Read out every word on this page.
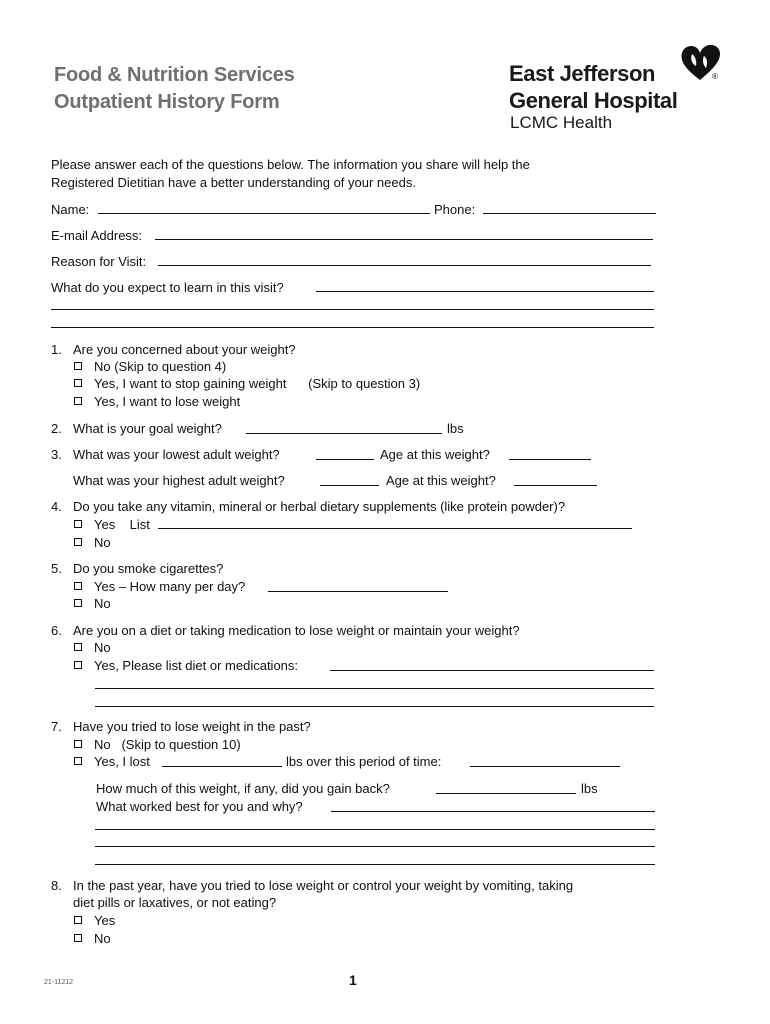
Food & Nutrition Services
Outpatient History Form
East Jefferson
General Hospital
LCMC Health
®
Please answer each of the questions below. The information you share will help the
Registered Dietitian have a better understanding of your needs.
Name:	Phone:
E-mail Address:
Reason for Visit:
What do you expect to learn in this visit?
1. Are you concerned about your weight?
No (Skip to question 4)
Yes, I want to stop gaining weight      (Skip to question 3)
Yes, I want to lose weight
2. What is your goal weight?	lbs
3. What was your lowest adult weight?	Age at this weight?
What was your highest adult weight?	Age at this weight?
4. Do you take any vitamin, mineral or herbal dietary supplements (like protein powder)?
Yes    List
No
5. Do you smoke cigarettes?
Yes – How many per day?
No
6. Are you on a diet or taking medication to lose weight or maintain your weight?
No
Yes, Please list diet or medications:
7. Have you tried to lose weight in the past?
No   (Skip to question 10)
Yes, I lost	lbs over this period of time:
How much of this weight, if any, did you gain back?	lbs
What worked best for you and why?
8. In the past year, have you tried to lose weight or control your weight by vomiting, taking
diet pills or laxatives, or not eating?
Yes
No
21-11212	1
